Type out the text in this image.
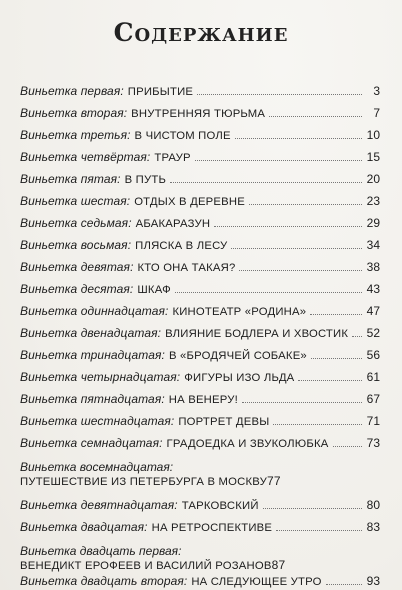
Содержание
Виньетка первая: ПРИБЫТИЕ	3
Виньетка вторая: ВНУТРЕННЯЯ ТЮРЬМА	7
Виньетка третья: В ЧИСТОМ ПОЛЕ	10
Виньетка четвёртая: ТРАУР	15
Виньетка пятая: В ПУТЬ	20
Виньетка шестая: ОТДЫХ В ДЕРЕВНЕ	23
Виньетка седьмая: АБАКАРАЗУН	29
Виньетка восьмая: ПЛЯСКА В ЛЕСУ	34
Виньетка девятая: КТО ОНА ТАКАЯ?	38
Виньетка десятая: ШКАФ	43
Виньетка одиннадцатая: КИНОТЕАТР «РОДИНА»	47
Виньетка двенадцатая: ВЛИЯНИЕ БОДЛЕРА И ХВОСТИК 52
Виньетка тринадцатая: В «БРОДЯЧЕЙ СОБАКЕ»	56
Виньетка четырнадцатая: ФИГУРЫ ИЗО ЛЬДА	61
Виньетка пятнадцатая: НА ВЕНЕРУ!	67
Виньетка шестнадцатая: ПОРТРЕТ ДЕВЫ	71
Виньетка семнадцатая: ГРАДОЕДКА И ЗВУКОЛЮБКА	73
Виньетка восемнадцатая:
ПУТЕШЕСТВИЕ ИЗ ПЕТЕРБУРГА В МОСКВУ 77
Виньетка девятнадцатая: ТАРКОВСКИЙ	80
Виньетка двадцатая: НА РЕТРОСПЕКТИВЕ	83
Виньетка двадцать первая:
ВЕНЕДИКТ ЕРОФЕЕВ И ВАСИЛИЙ РОЗАНОВ 87
Виньетка двадцать вторая: НА СЛЕДУЮЩЕЕ УТРО	93
